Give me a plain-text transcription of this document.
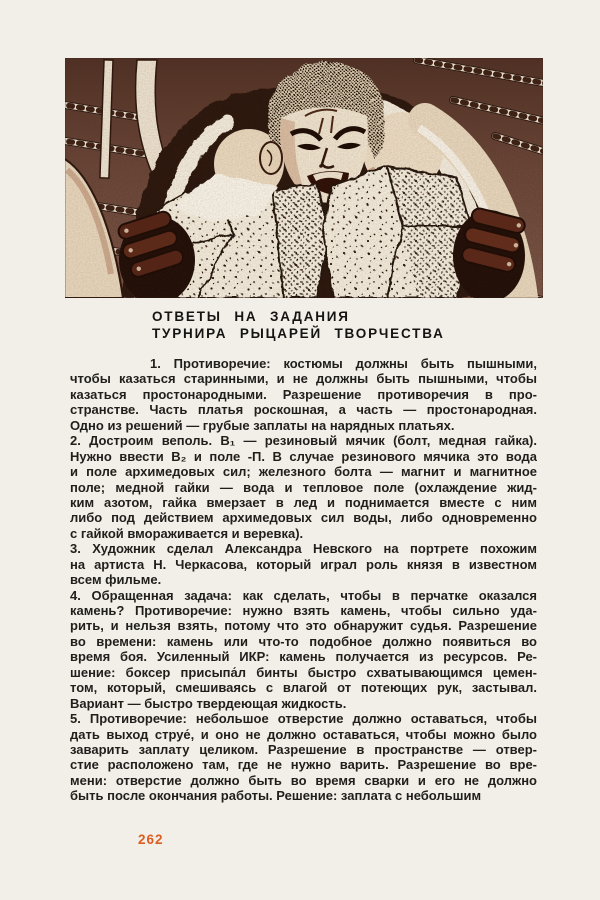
ОТВЕТЫ НА ЗАДАНИЯ
ТУРНИРА РЫЦАРЕЙ ТВОРЧЕСТВА
1. Противоречие: костюмы должны быть пышными,
чтобы казаться старинными, и не должны быть пышными, чтобы
казаться простонародными. Разрешение противоречия в про-
странстве. Часть платья роскошная, а часть — простонародная.
Одно из решений — грубые заплаты на нарядных платьях.
2. Достроим веполь. В₁ — резиновый мячик (болт, медная гайка).
Нужно ввести В₂ и поле -П. В случае резинового мячика это вода
и поле архимедовых сил; железного болта — магнит и магнитное
поле; медной гайки — вода и тепловое поле (охлаждение жид-
ким азотом, гайка вмерзает в лед и поднимается вместе с ним
либо под действием архимедовых сил воды, либо одновременно
с гайкой вмораживается и веревка).
3. Художник сделал Александра Невского на портрете похожим
на артиста Н. Черкасова, который играл роль князя в известном
всем фильме.
4. Обращенная задача: как сделать, чтобы в перчатке оказался
камень? Противоречие: нужно взять камень, чтобы сильно уда-
рить, и нельзя взять, потому что это обнаружит судья. Разрешение
во времени: камень или что-то подобное должно появиться во
время боя. Усиленный ИКР: камень получается из ресурсов. Ре-
шение: боксер присыпа́л бинты быстро схватывающимся цемен-
том, который, смешиваясь с влагой от потеющих рук, застывал.
Вариант — быстро твердеющая жидкость.
5. Противоречие: небольшое отверстие должно оставаться, чтобы
дать выход струе́, и оно не должно оставаться, чтобы можно было
заварить заплату целиком. Разрешение в пространстве — отвер-
стие расположено там, где не нужно варить. Разрешение во вре-
мени: отверстие должно быть во время сварки и его не должно
быть после окончания работы. Решение: заплата с небольшим
262
